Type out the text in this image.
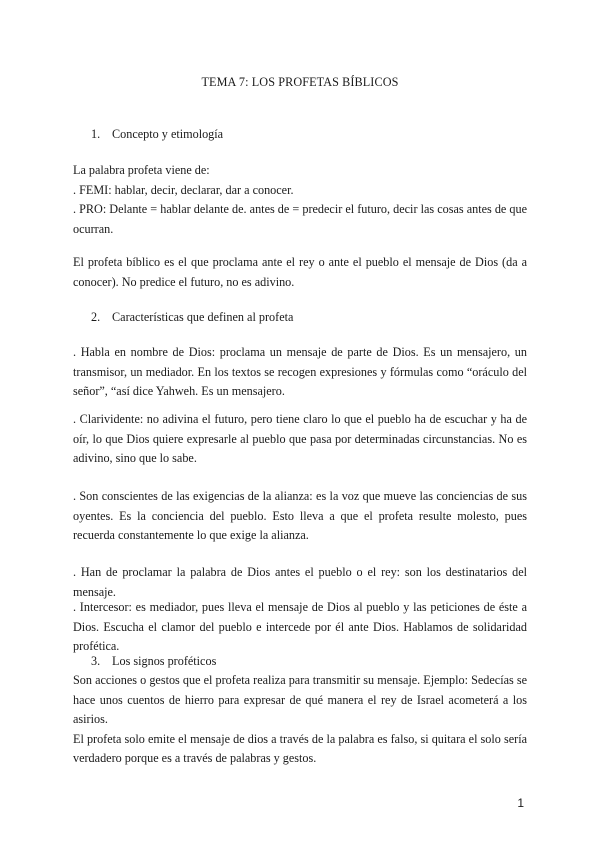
TEMA 7: LOS PROFETAS BÍBLICOS
1. Concepto y etimología

La palabra profeta viene de:

. FEMI: hablar, decir, declarar, dar a conocer.

. PRO: Delante = hablar delante de. antes de = predecir el futuro, decir las cosas antes de que ocurran.

El profeta bíblico es el que proclama ante el rey o ante el pueblo el mensaje de Dios (da a conocer). No predice el futuro, no es adivino.

2. Características que definen al profeta

. Habla en nombre de Dios: proclama un mensaje de parte de Dios. Es un mensajero, un transmisor, un mediador. En los textos se recogen expresiones y fórmulas como “oráculo del señor”, “así dice Yahweh. Es un mensajero.

. Clarividente: no adivina el futuro, pero tiene claro lo que el pueblo ha de escuchar y ha de oír, lo que Dios quiere expresarle al pueblo que pasa por determinadas circunstancias. No es adivino, sino que lo sabe.

. Son conscientes de las exigencias de la alianza: es la voz que mueve las conciencias de sus oyentes. Es la conciencia del pueblo. Esto lleva a que el profeta resulte molesto, pues recuerda constantemente lo que exige la alianza.

. Han de proclamar la palabra de Dios antes el pueblo o el rey: son los destinatarios del mensaje.

. Intercesor: es mediador, pues lleva el mensaje de Dios al pueblo y las peticiones de éste a Dios. Escucha el clamor del pueblo e intercede por él ante Dios. Hablamos de solidaridad profética.

3. Los signos proféticos

Son acciones o gestos que el profeta realiza para transmitir su mensaje. Ejemplo: Sedecías se hace unos cuentos de hierro para expresar de qué manera el rey de Israel acometerá a los asirios.

El profeta solo emite el mensaje de dios a través de la palabra es falso, si quitara el solo sería verdadero porque es a través de palabras y gestos.

1
